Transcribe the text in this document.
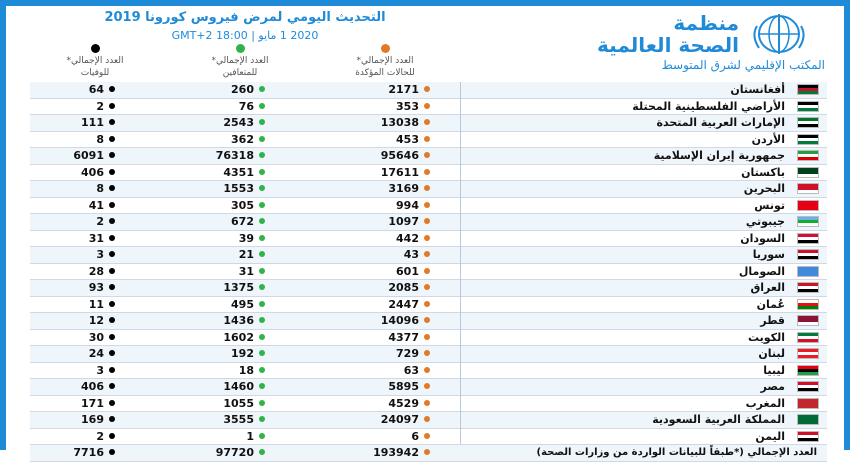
التحديث اليومي لمرض فيروس كورونا 2019
2020 1 مايو | GMT+2 18:00
منظمة
الصحة العالمية
المكتب الإقليمي لشرق المتوسط
العدد الإجمالي*
للوفيات
العدد الإجمالي*
للمتعافين
العدد الإجمالي*
للحالات المؤكدة
64	260	2171	أفغانستان
2	76	353	الأراضي الفلسطينية المحتلة
111	2543	13038	الإمارات العربية المتحدة
8	362	453	الأردن
6091	76318	95646	جمهورية إيران الإسلامية
406	4351	17611	باكستان
8	1553	3169	البحرين
41	305	994	تونس
2	672	1097	جيبوتي
31	39	442	السودان
3	21	43	سوريا
28	31	601	الصومال
93	1375	2085	العراق
11	495	2447	عُمان
12	1436	14096	قطر
30	1602	4377	الكويت
24	192	729	لبنان
3	18	63	ليبيا
406	1460	5895	مصر
171	1055	4529	المغرب
169	3555	24097	المملكة العربية السعودية
2	1	6	اليمن
7716	97720	193942	العدد الإجمالي (*طبقاً للبيانات الواردة من وزارات الصحة)
